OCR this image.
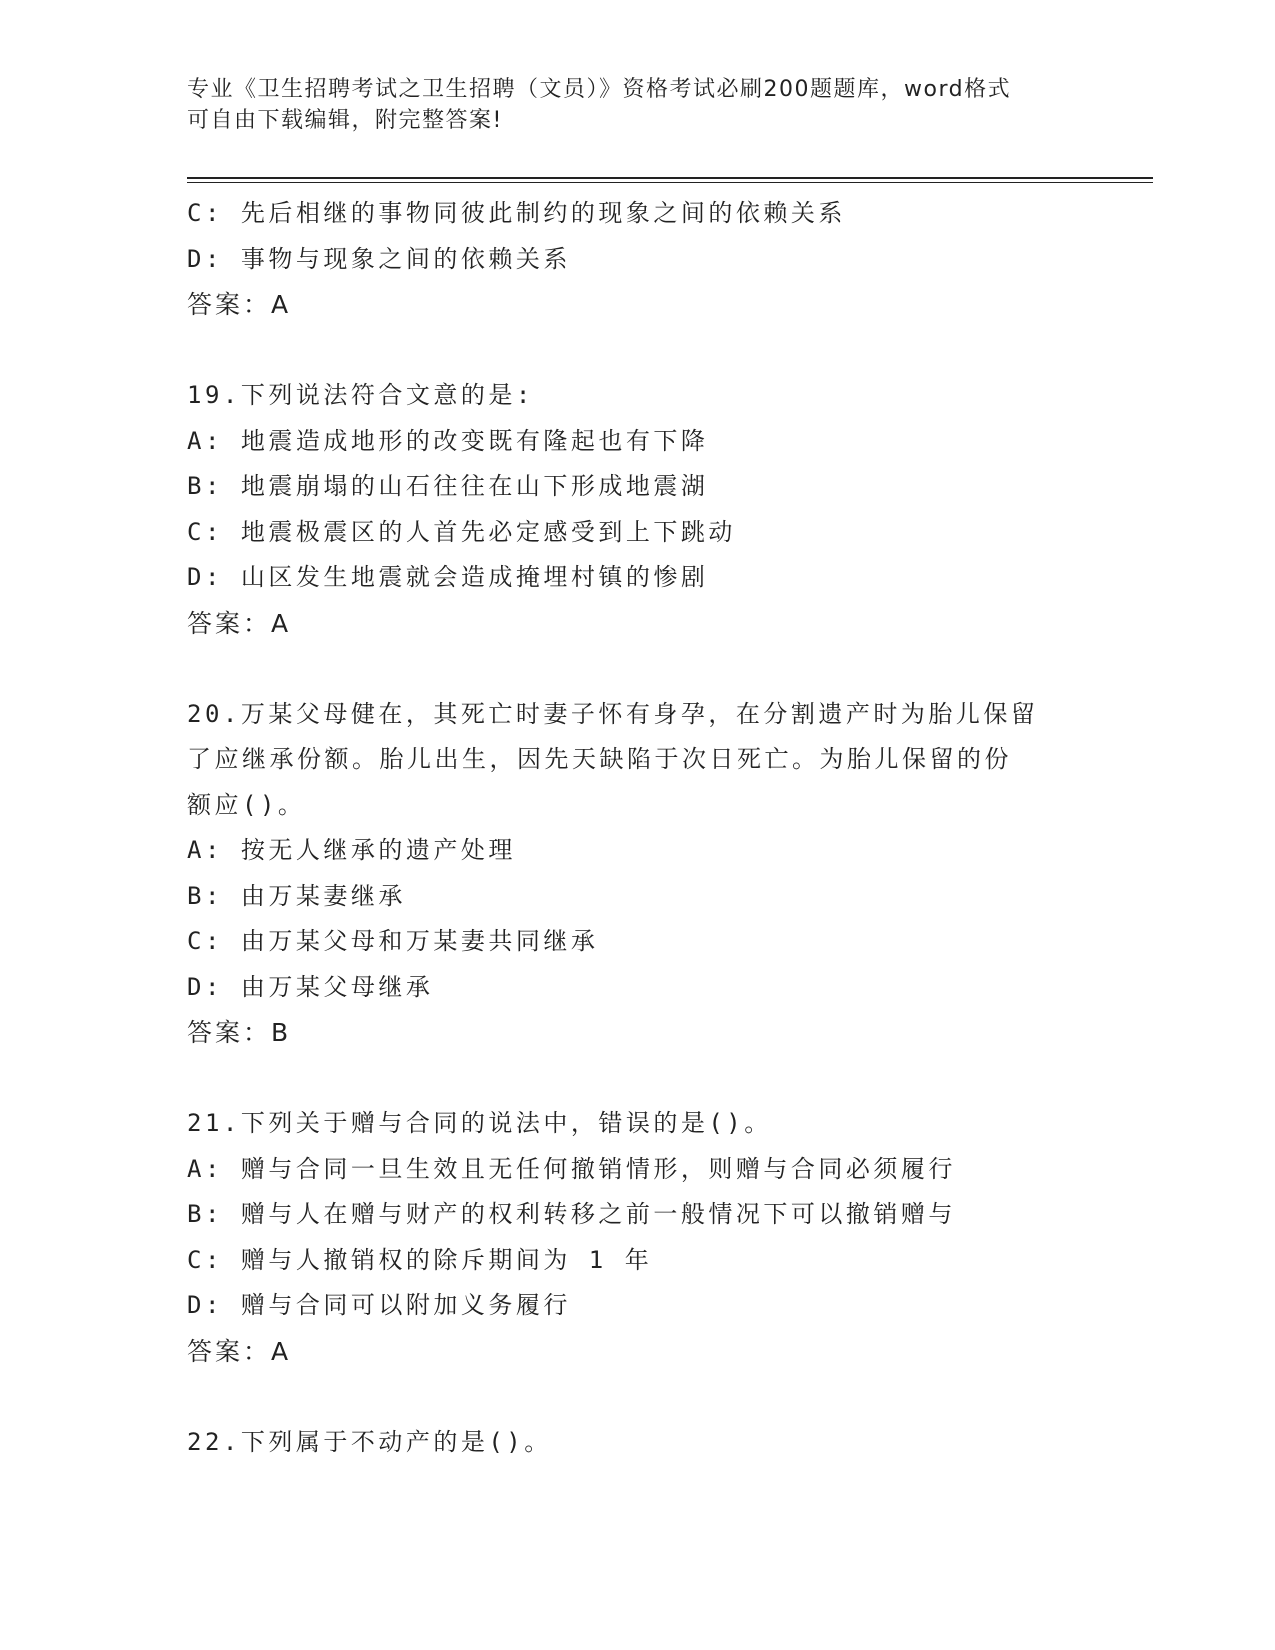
专业《卫生招聘考试之卫生招聘（文员）》资格考试必刷200题题库，word格式
可自由下载编辑，附完整答案!
C: 先后相继的事物同彼此制约的现象之间的依赖关系
D: 事物与现象之间的依赖关系
答案：A
19.下列说法符合文意的是:
A: 地震造成地形的改变既有隆起也有下降
B: 地震崩塌的山石往往在山下形成地震湖
C: 地震极震区的人首先必定感受到上下跳动
D: 山区发生地震就会造成掩埋村镇的惨剧
答案：A
20.万某父母健在，其死亡时妻子怀有身孕，在分割遗产时为胎儿保留
了应继承份额。胎儿出生，因先天缺陷于次日死亡。为胎儿保留的份
额应()。
A: 按无人继承的遗产处理
B: 由万某妻继承
C: 由万某父母和万某妻共同继承
D: 由万某父母继承
答案：B
21.下列关于赠与合同的说法中，错误的是()。
A: 赠与合同一旦生效且无任何撤销情形，则赠与合同必须履行
B: 赠与人在赠与财产的权利转移之前一般情况下可以撤销赠与
C: 赠与人撤销权的除斥期间为 1 年
D: 赠与合同可以附加义务履行
答案：A
22.下列属于不动产的是()。
